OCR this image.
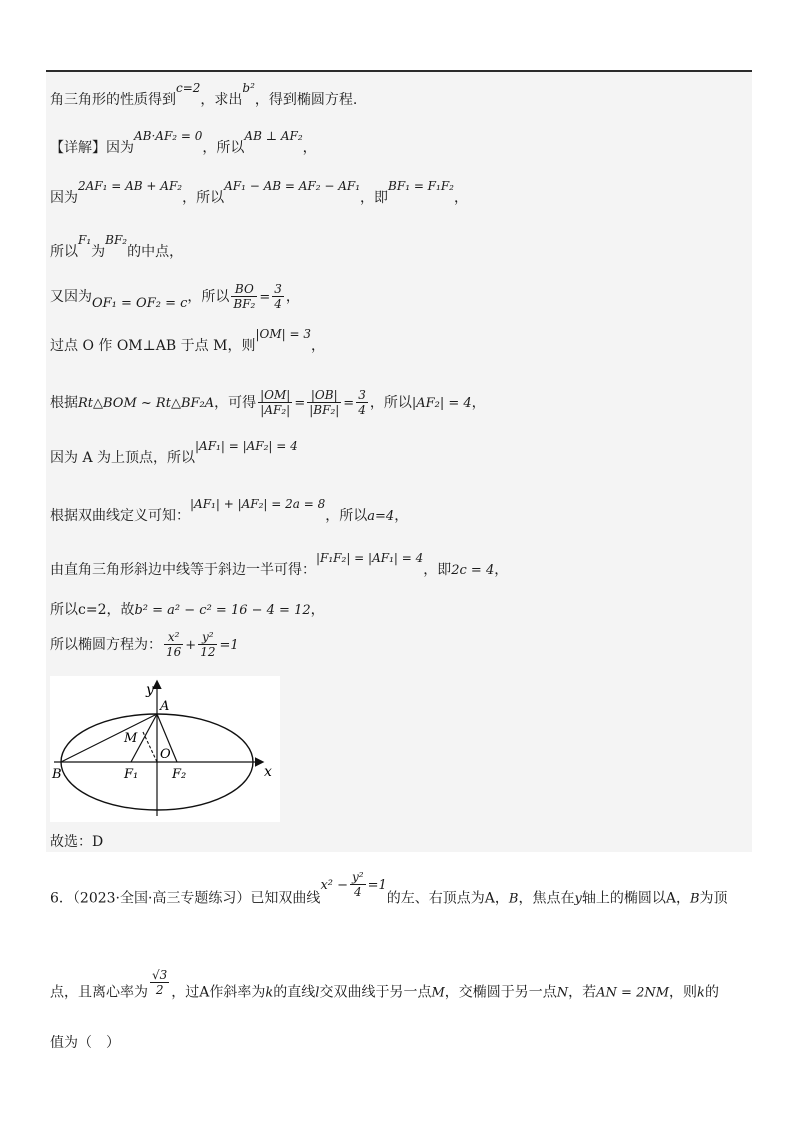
角三角形的性质得到c=2，求出b²，得到椭圆方程.
【详解】因为AB·AF₂ = 0，所以AB ⊥ AF₂，
因为2AF₁ = AB + AF₂，所以AF₁ − AB = AF₂ − AF₁，即BF₁ = F₁F₂，
所以F₁为BF₂的中点，
又因为OF₁ = OF₂ = c，所以 $\frac{BO}{\text{BF₂}} = \frac{3}{4}$ ，
过点 O 作 OM⊥AB 于点 M，则|OM| = 3，
根据Rt△BOM ~ Rt△BF₂A，可得 $\frac{|OM|}{\text{|AF₂|}} = \frac{|OB|}{\text{|BF₂|}} = \frac{3}{4}$ ，所以|AF₂| = 4，
因为 A 为上顶点，所以|AF₁| = |AF₂| = 4
根据双曲线定义可知：|AF₁| + |AF₂| = 2a = 8，所以a=4，
由直角三角形斜边中线等于斜边一半可得：|F₁F₂| = |AF₁| = 4，即2c = 4，
所以c=2，故b² = a² − c² = 16 − 4 = 12，
所以椭圆方程为： $\frac{\text{x²}}{16} + \frac{\text{y²}}{12} =1$
y
x
A
M
O
B	F₁	F₂
故选：D
6．（2023·全国·高三专题练习）已知双曲线$x^2 - \frac{\text{y²}}{4} =1$的左、右顶点为A，B，焦点在y轴上的椭圆以A，B为顶
点，且离心率为 $\frac{√3}{2}$ ，过A作斜率为k的直线l交双曲线于另一点M，交椭圆于另一点N，若AN = 2NM，则k的
值为（　）
